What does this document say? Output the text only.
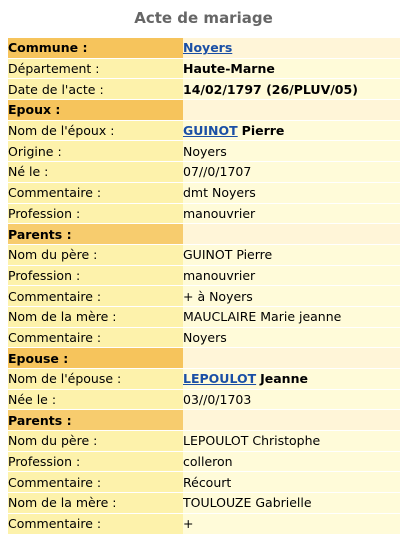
Acte de mariage
Commune :	Noyers
Département :	Haute-Marne
Date de l'acte :	14/02/1797 (26/PLUV/05)
Epoux :	
Nom de l'époux :	GUINOT Pierre
Origine :	Noyers
Né le :	07//0/1707
Commentaire :	dmt Noyers
Profession :	manouvrier
Parents :	
Nom du père :	GUINOT Pierre
Profession :	manouvrier
Commentaire :	+ à Noyers
Nom de la mère :	MAUCLAIRE Marie jeanne
Commentaire :	Noyers
Epouse :	
Nom de l'épouse :	LEPOULOT Jeanne
Née le :	03//0/1703
Parents :	
Nom du père :	LEPOULOT Christophe
Profession :	colleron
Commentaire :	Récourt
Nom de la mère :	TOULOUZE Gabrielle
Commentaire :	+
